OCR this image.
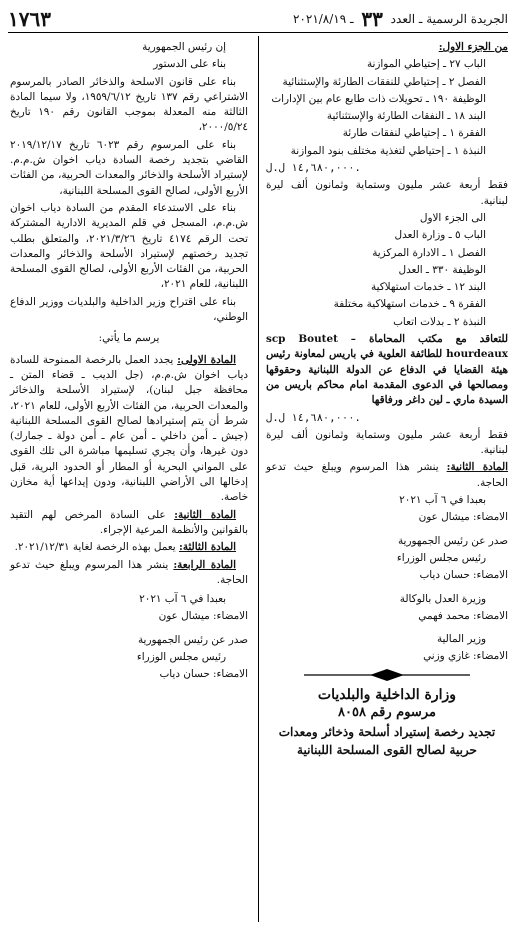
الجريدة الرسمية ـ العدد ٣٣ ـ ٢٠٢١/٨/١٩
١٧٦٣

من الجزء الاول:

الباب ٢٧ ـ إحتياطي الموازنة

الفصل ٢ ـ إحتياطي للنفقات الطارئة والإستثنائية

الوظيفة ١٩٠ ـ تحويلات ذات طابع عام بين الإدارات

البند ١٨ ـ النفقات الطارئة والإستثنائية

الفقرة ١ ـ إحتياطي لنفقات طارئة

النبذة ١ ـ إحتياطي لتغذية مختلف بنود الموازنة

١٤,٦٨٠,٠٠٠ ل.ل.

فقط أربعة عشر مليون وستماية وثمانون ألف ليرة لبنانية.

الى الجزء الاول

الباب ٥ ـ وزارة العدل

الفصل ١ ـ الادارة المركزية

الوظيفة ٣٣٠ ـ العدل

البند ١٢ ـ خدمات استهلاكية

الفقرة ٩ ـ خدمات استهلاكية مختلفة

النبذة ٢ ـ بدلات اتعاب

للتعاقد مع مكتب المحاماة scp Boutet – hourdeaux للطائفة العلوية في باريس لمعاونة رئيس هيئة القضايا في الدفاع عن الدولة اللبنانية وحقوقها ومصالحها في الدعوى المقدمة امام محاكم باريس من السيدة ماري ـ لين داغر ورفاقها

١٤,٦٨٠,٠٠٠ ل.ل.

فقط أربعة عشر مليون وستماية وثمانون ألف ليرة لبنانية.

المادة الثانية: ينشر هذا المرسوم ويبلغ حيث تدعو الحاجة.

بعبدا في ٦ آب ٢٠٢١

الامضاء: ميشال عون

صدر عن رئيس الجمهورية

رئيس مجلس الوزراء

الامضاء: حسان دياب

وزيرة العدل بالوكالة

الامضاء: محمد فهمي

وزير المالية

الامضاء: غازي وزني

وزارة الداخلية والبلديات

مرسوم رقم ٨٠٥٨

تجديد رخصة إستيراد أسلحة وذخائر ومعدات

حربية لصالح القوى المسلحة اللبنانية

إن رئيس الجمهورية

بناء على الدستور

بناء على قانون الاسلحة والذخائر الصادر بالمرسوم الاشتراعي رقم ١٣٧ تاريخ ١٩٥٩/٦/١٢، ولا سيما المادة الثالثة منه المعدلة بموجب القانون رقم ١٩٠ تاريخ ٢٠٠٠/٥/٢٤،

بناء على المرسوم رقم ٦٠٢٣ تاريخ ٢٠١٩/١٢/١٧ القاضي بتجديد رخصة السادة دياب اخوان ش.م.م. لإستيراد الأسلحة والذخائر والمعدات الحربية، من الفئات الأربع الأولى، لصالح القوى المسلحة اللبنانية،

بناء على الاستدعاء المقدم من السادة دياب اخوان ش.م.م، المسجل في قلم المديرية الادارية المشتركة تحت الرقم ٤١٧٤ تاريخ ٢٠٢١/٣/٢٦، والمتعلق بطلب تجديد رخصتهم لإستيراد الأسلحة والذخائر والمعدات الحربية، من الفئات الأربع الأولى، لصالح القوى المسلحة اللبنانية، للعام ٢٠٢١،

بناء على اقتراح وزير الداخلية والبلديات ووزير الدفاع الوطني،

يرسم ما يأتي:

المادة الاولى: يجدد العمل بالرخصة الممنوحة للسادة دياب اخوان ش.م.م، (جل الديب ـ قضاء المتن ـ محافظة جبل لبنان)، لإستيراد الأسلحة والذخائر والمعدات الحربية، من الفئات الأربع الأولى، للعام ٢٠٢١، شرط أن يتم إستيرادها لصالح القوى المسلحة اللبنانية (جيش ـ أمن داخلي ـ أمن عام ـ أمن دولة ـ جمارك) دون غيرها، وأن يجري تسليمها مباشرة الى تلك القوى على المواني البحرية أو المطار أو الحدود البرية، قبل إدخالها الى الأراضي اللبنانية، ودون إيداعها أية مخازن خاصة.

المادة الثانية: على السادة المرخص لهم التقيد بالقوانين والأنظمة المرعية الإجراء.

المادة الثالثة: يعمل بهذه الرخصة لغاية ٢٠٢١/١٢/٣١.

المادة الرابعة: ينشر هذا المرسوم ويبلغ حيث تدعو الحاجة.

بعبدا في ٦ آب ٢٠٢١

الامضاء: ميشال عون

صدر عن رئيس الجمهورية

رئيس مجلس الوزراء

الامضاء: حسان دياب
